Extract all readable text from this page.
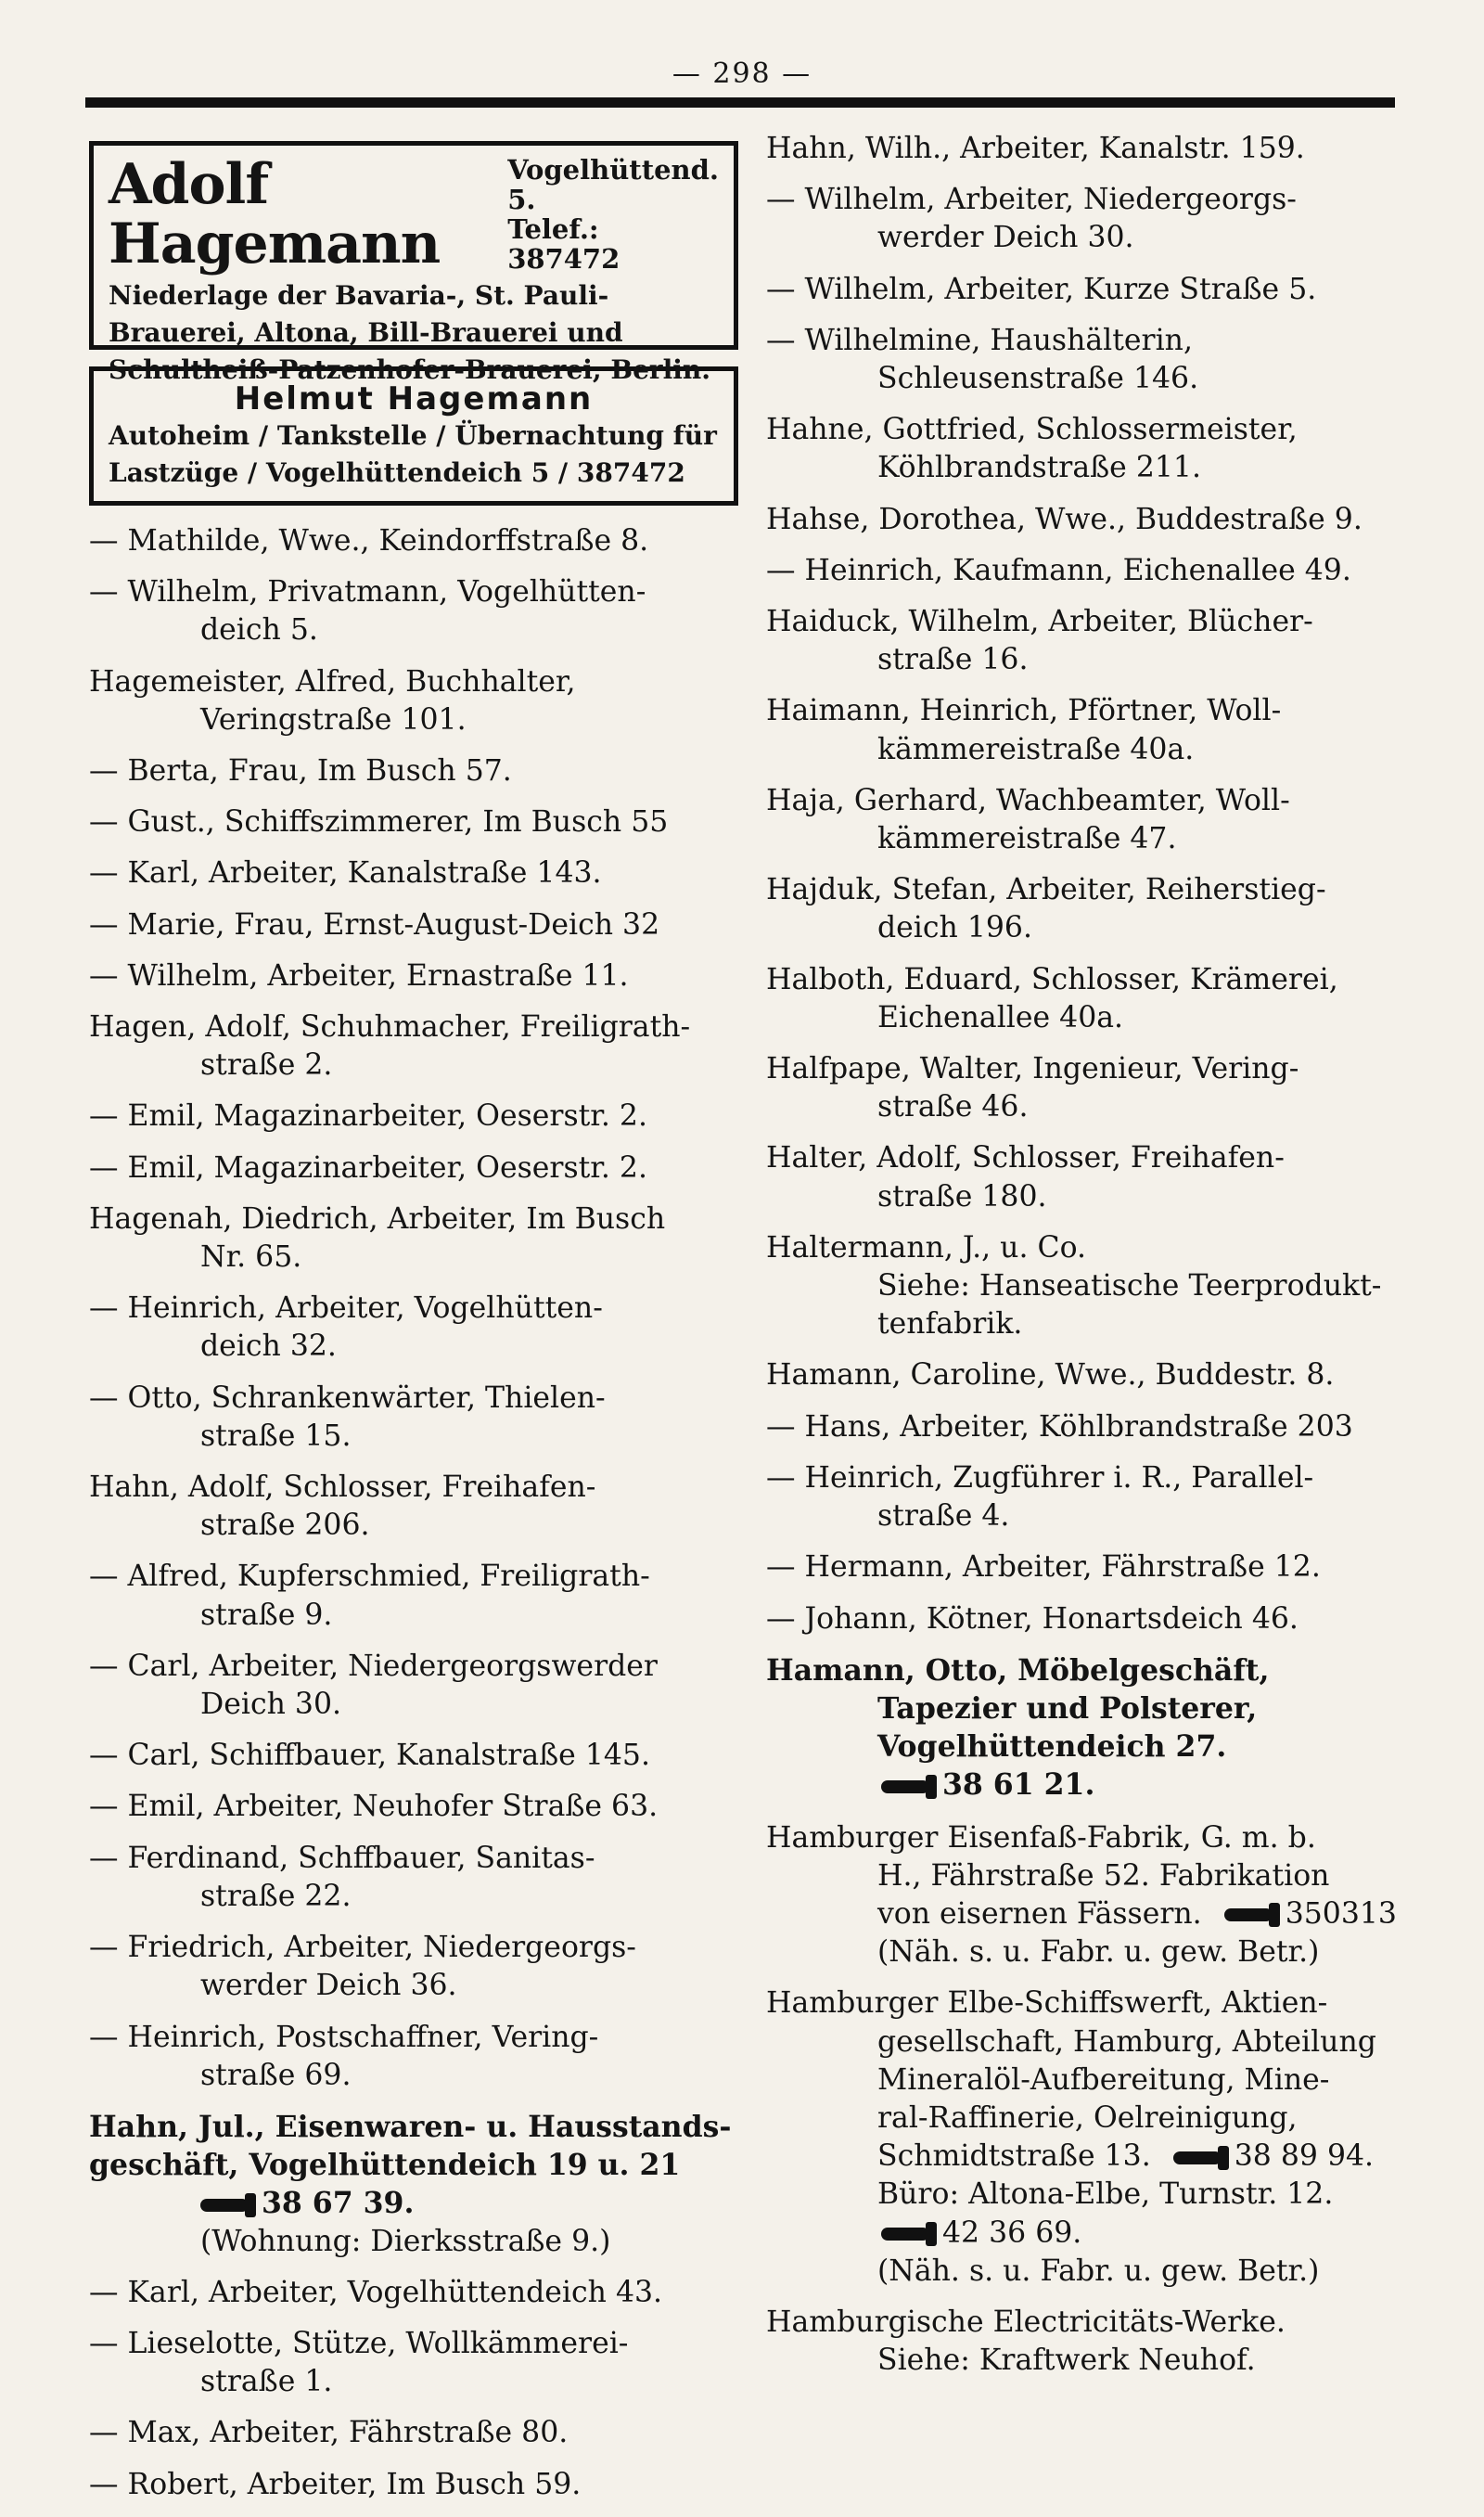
— 298 —
Adolf Hagemann
Vogelhüttend. 5.
Telef.: 387472
Niederlage der Bavaria-, St. Pauli-
Brauerei, Altona, Bill-Brauerei und
Schultheiß-Patzenhofer-Brauerei, Berlin.
Helmut Hagemann
Autoheim / Tankstelle / Übernachtung für
Lastzüge / Vogelhüttendeich 5 / 387472
— Mathilde, Wwe., Keindorffstraße 8.
— Wilhelm, Privatmann, Vogelhütten-
deich 5.
Hagemeister, Alfred, Buchhalter,
Veringstraße 101.
— Berta, Frau, Im Busch 57.
— Gust., Schiffszimmerer, Im Busch 55
— Karl, Arbeiter, Kanalstraße 143.
— Marie, Frau, Ernst-August-Deich 32
— Wilhelm, Arbeiter, Ernastraße 11.
Hagen, Adolf, Schuhmacher, Freiligrath-
straße 2.
— Emil, Magazinarbeiter, Oeserstr. 2.
— Emil, Magazinarbeiter, Oeserstr. 2.
Hagenah, Diedrich, Arbeiter, Im Busch
Nr. 65.
— Heinrich, Arbeiter, Vogelhütten-
deich 32.
— Otto, Schrankenwärter, Thielen-
straße 15.
Hahn, Adolf, Schlosser, Freihafen-
straße 206.
— Alfred, Kupferschmied, Freiligrath-
straße 9.
— Carl, Arbeiter, Niedergeorgswerder
Deich 30.
— Carl, Schiffbauer, Kanalstraße 145.
— Emil, Arbeiter, Neuhofer Straße 63.
— Ferdinand, Schffbauer, Sanitas-
straße 22.
— Friedrich, Arbeiter, Niedergeorgs-
werder Deich 36.
— Heinrich, Postschaffner, Vering-
straße 69.
Hahn, Jul., Eisenwaren- u. Hausstands-
geschäft, Vogelhüttendeich 19 u. 21
38 67 39.
(Wohnung: Dierksstraße 9.)
— Karl, Arbeiter, Vogelhüttendeich 43.
— Lieselotte, Stütze, Wollkämmerei-
straße 1.
— Max, Arbeiter, Fährstraße 80.
— Robert, Arbeiter, Im Busch 59.
Hahn, Wilh., Arbeiter, Kanalstr. 159.
— Wilhelm, Arbeiter, Niedergeorgs-
werder Deich 30.
— Wilhelm, Arbeiter, Kurze Straße 5.
— Wilhelmine, Haushälterin,
Schleusenstraße 146.
Hahne, Gottfried, Schlossermeister,
Köhlbrandstraße 211.
Hahse, Dorothea, Wwe., Buddestraße 9.
— Heinrich, Kaufmann, Eichenallee 49.
Haiduck, Wilhelm, Arbeiter, Blücher-
straße 16.
Haimann, Heinrich, Pförtner, Woll-
kämmereistraße 40a.
Haja, Gerhard, Wachbeamter, Woll-
kämmereistraße 47.
Hajduk, Stefan, Arbeiter, Reiherstieg-
deich 196.
Halboth, Eduard, Schlosser, Krämerei,
Eichenallee 40a.
Halfpape, Walter, Ingenieur, Vering-
straße 46.
Halter, Adolf, Schlosser, Freihafen-
straße 180.
Haltermann, J., u. Co.
Siehe: Hanseatische Teerprodukt-
tenfabrik.
Hamann, Caroline, Wwe., Buddestr. 8.
— Hans, Arbeiter, Köhlbrandstraße 203
— Heinrich, Zugführer i. R., Parallel-
straße 4.
— Hermann, Arbeiter, Fährstraße 12.
— Johann, Kötner, Honartsdeich 46.
Hamann, Otto, Möbelgeschäft,
Tapezier und Polsterer,
Vogelhüttendeich 27.
38 61 21.
Hamburger Eisenfaß-Fabrik, G. m. b.
H., Fährstraße 52. Fabrikation
von eisernen Fässern.	350313
(Näh. s. u. Fabr. u. gew. Betr.)
Hamburger Elbe-Schiffswerft, Aktien-
gesellschaft, Hamburg, Abteilung
Mineralöl-Aufbereitung, Mine-
ral-Raffinerie, Oelreinigung,
Schmidtstraße 13.	38 89 94.
Büro: Altona-Elbe, Turnstr. 12.
42 36 69.
(Näh. s. u. Fabr. u. gew. Betr.)
Hamburgische Electricitäts-Werke.
Siehe: Kraftwerk Neuhof.
